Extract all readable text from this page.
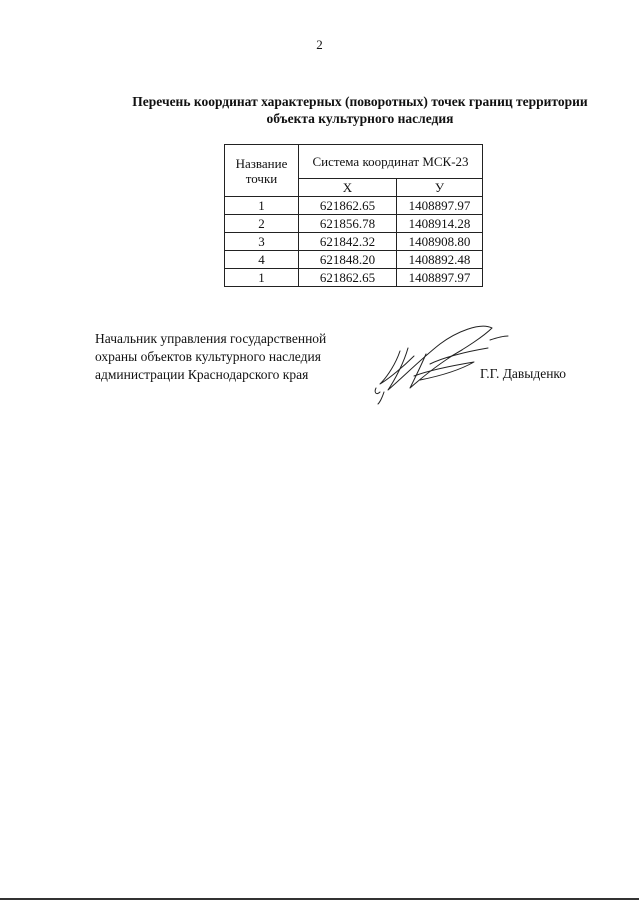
2
Перечень координат характерных (поворотных) точек границ территории
объекта культурного наследия
Название точки	Система координат МСК-23	
	Х	У
1	621862.65	1408897.97
2	621856.78	1408914.28
3	621842.32	1408908.80
4	621848.20	1408892.48
1	621862.65	1408897.97
Начальник управления государственной
охраны объектов культурного наследия
администрации Краснодарского края	Г.Г. Давыденко
